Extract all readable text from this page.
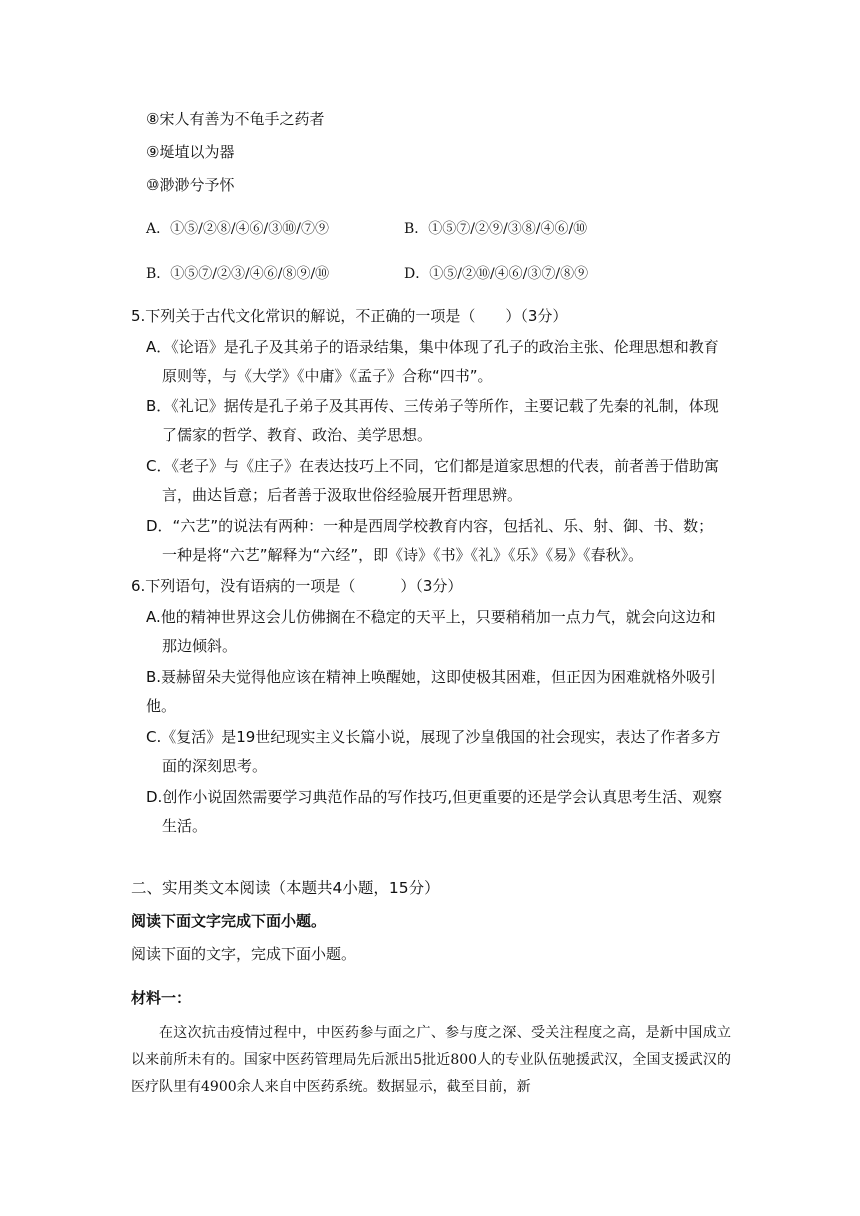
⑧宋人有善为不龟手之药者
⑨埏埴以为器
⑩渺渺兮予怀
A．①⑤/②⑧/④⑥/③⑩/⑦⑨	B．①⑤⑦/②⑨/③⑧/④⑥/⑩
B．①⑤⑦/②③/④⑥/⑧⑨/⑩	D．①⑤/②⑩/④⑥/③⑦/⑧⑨
5.下列关于古代文化常识的解说，不正确的一项是（　　）（3分）
A．《论语》是孔子及其弟子的语录结集，集中体现了孔子的政治主张、伦理思想和教育
原则等，与《大学》《中庸》《孟子》合称“四书”。
B．《礼记》据传是孔子弟子及其再传、三传弟子等所作，主要记载了先秦的礼制，体现
了儒家的哲学、教育、政治、美学思想。
C．《老子》与《庄子》在表达技巧上不同，它们都是道家思想的代表，前者善于借助寓
言，曲达旨意；后者善于汲取世俗经验展开哲理思辨。
D．“六艺”的说法有两种：一种是西周学校教育内容，包括礼、乐、射、御、书、数；
一种是将“六艺”解释为“六经”，即《诗》《书》《礼》《乐》《易》《春秋》。
6.下列语句，没有语病的一项是（　　　）（3分）
A.他的精神世界这会儿仿佛搁在不稳定的天平上，只要稍稍加一点力气，就会向这边和
那边倾斜。
B.聂赫留朵夫觉得他应该在精神上唤醒她，这即使极其困难，但正因为困难就格外吸引
他。
C.《复活》是19世纪现实主义长篇小说，展现了沙皇俄国的社会现实，表达了作者多方
面的深刻思考。
D.创作小说固然需要学习典范作品的写作技巧,但更重要的还是学会认真思考生活、观察
生活。
二、实用类文本阅读（本题共4小题，15分）
阅读下面文字完成下面小题。
阅读下面的文字，完成下面小题。
材料一：
在这次抗击疫情过程中，中医药参与面之广、参与度之深、受关注程度之高，是新中国成立以来前所未有的。国家中医药管理局先后派出5批近800人的专业队伍驰援武汉，全国支援武汉的医疗队里有4900余人来自中医药系统。数据显示，截至目前，新
